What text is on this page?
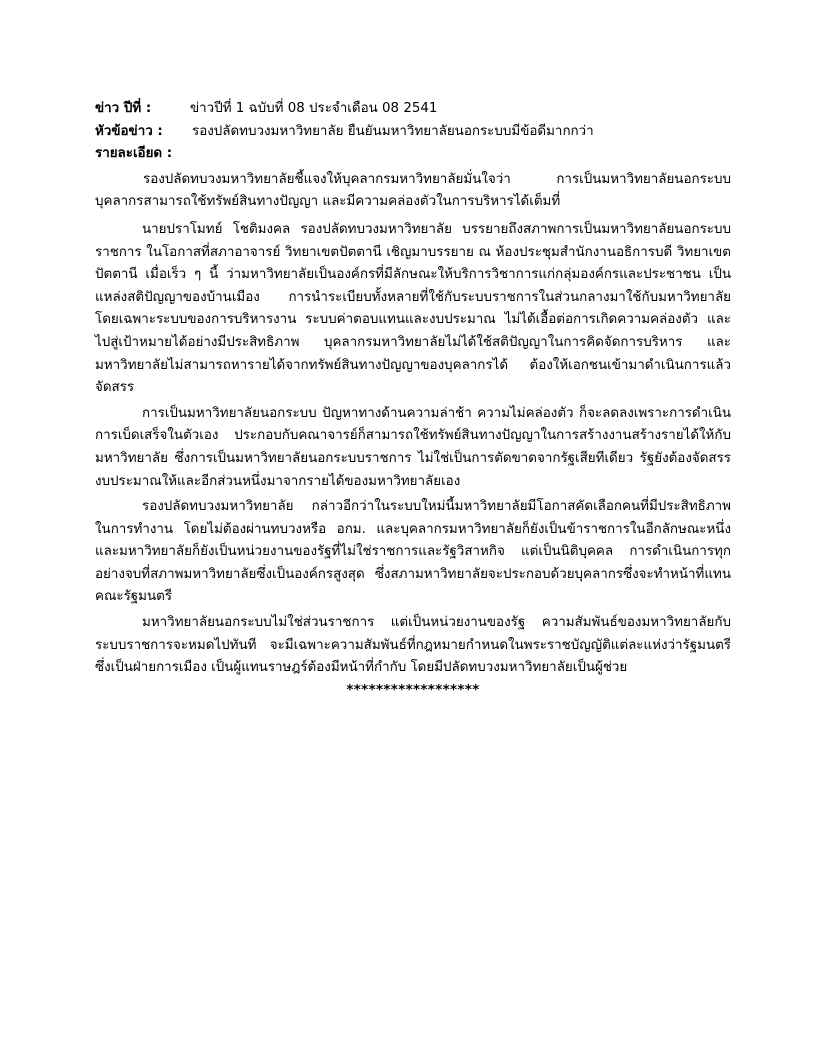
ข่าว ปีที่ :	ข่าวปีที่ 1 ฉบับที่ 08 ประจำเดือน 08 2541
หัวข้อข่าว :	รองปลัดทบวงมหาวิทยาลัย ยืนยันมหาวิทยาลัยนอกระบบมีข้อดีมากกว่า
รายละเอียด :

รองปลัดทบวงมหาวิทยาลัยชี้แจงให้บุคลากรมหาวิทยาลัยมั่นใจว่า การเป็นมหาวิทยาลัยนอกระบบ บุคลากรสามารถใช้ทรัพย์สินทางปัญญา และมีความคล่องตัวในการบริหารได้เต็มที่

นายปราโมทย์ โชติมงคล รองปลัดทบวงมหาวิทยาลัย บรรยายถึงสภาพการเป็นมหาวิทยาลัยนอกระบบราชการ ในโอกาสที่สภาอาจารย์ วิทยาเขตปัตตานี เชิญมาบรรยาย ณ ห้องประชุมสำนักงานอธิการบดี วิทยาเขตปัตตานี เมื่อเร็ว ๆ นี้ ว่ามหาวิทยาลัยเป็นองค์กรที่มีลักษณะให้บริการวิชาการแก่กลุ่มองค์กรและประชาชน เป็นแหล่งสติปัญญาของบ้านเมือง การนำระเบียบทั้งหลายที่ใช้กับระบบราชการในส่วนกลางมาใช้กับมหาวิทยาลัย โดยเฉพาะระบบของการบริหารงาน ระบบค่าตอบแทนและงบประมาณ ไม่ได้เอื้อต่อการเกิดความคล่องตัว และไปสู่เป้าหมายได้อย่างมีประสิทธิภาพ บุคลากรมหาวิทยาลัยไม่ได้ใช้สติปัญญาในการคิดจัดการบริหาร และมหาวิทยาลัยไม่สามารถหารายได้จากทรัพย์สินทางปัญญาของบุคลากรได้ ต้องให้เอกชนเข้ามาดำเนินการแล้วจัดสรร

การเป็นมหาวิทยาลัยนอกระบบ ปัญหาทางด้านความล่าช้า ความไม่คล่องตัว ก็จะลดลงเพราะการดำเนินการเบ็ดเสร็จในตัวเอง ประกอบกับคณาจารย์ก็สามารถใช้ทรัพย์สินทางปัญญาในการสร้างงานสร้างรายได้ให้กับมหาวิทยาลัย ซึ่งการเป็นมหาวิทยาลัยนอกระบบราชการ ไม่ใช่เป็นการตัดขาดจากรัฐเสียทีเดียว รัฐยังต้องจัดสรรงบประมาณให้และอีกส่วนหนึ่งมาจากรายได้ของมหาวิทยาลัยเอง

รองปลัดทบวงมหาวิทยาลัย กล่าวอีกว่าในระบบใหม่นี้มหาวิทยาลัยมีโอกาสคัดเลือกคนที่มีประสิทธิภาพในการทำงาน โดยไม่ต้องผ่านทบวงหรือ อกม. และบุคลากรมหาวิทยาลัยก็ยังเป็นข้าราชการในอีกลักษณะหนึ่ง และมหาวิทยาลัยก็ยังเป็นหน่วยงานของรัฐที่ไม่ใช่ราชการและรัฐวิสาหกิจ แต่เป็นนิติบุคคล การดำเนินการทุกอย่างจบที่สภาพมหาวิทยาลัยซึ่งเป็นองค์กรสูงสุด ซึ่งสภามหาวิทยาลัยจะประกอบด้วยบุคลากรซึ่งจะทำหน้าที่แทนคณะรัฐมนตรี

มหาวิทยาลัยนอกระบบไม่ใช่ส่วนราชการ แต่เป็นหน่วยงานของรัฐ ความสัมพันธ์ของมหาวิทยาลัยกับระบบราชการจะหมดไปทันที จะมีเฉพาะความสัมพันธ์ที่กฎหมายกำหนดในพระราชบัญญัติแต่ละแห่งว่ารัฐมนตรีซึ่งเป็นฝ่ายการเมือง เป็นผู้แทนราษฎร์ต้องมีหน้าที่กำกับ โดยมีปลัดทบวงมหาวิทยาลัยเป็นผู้ช่วย

******************
